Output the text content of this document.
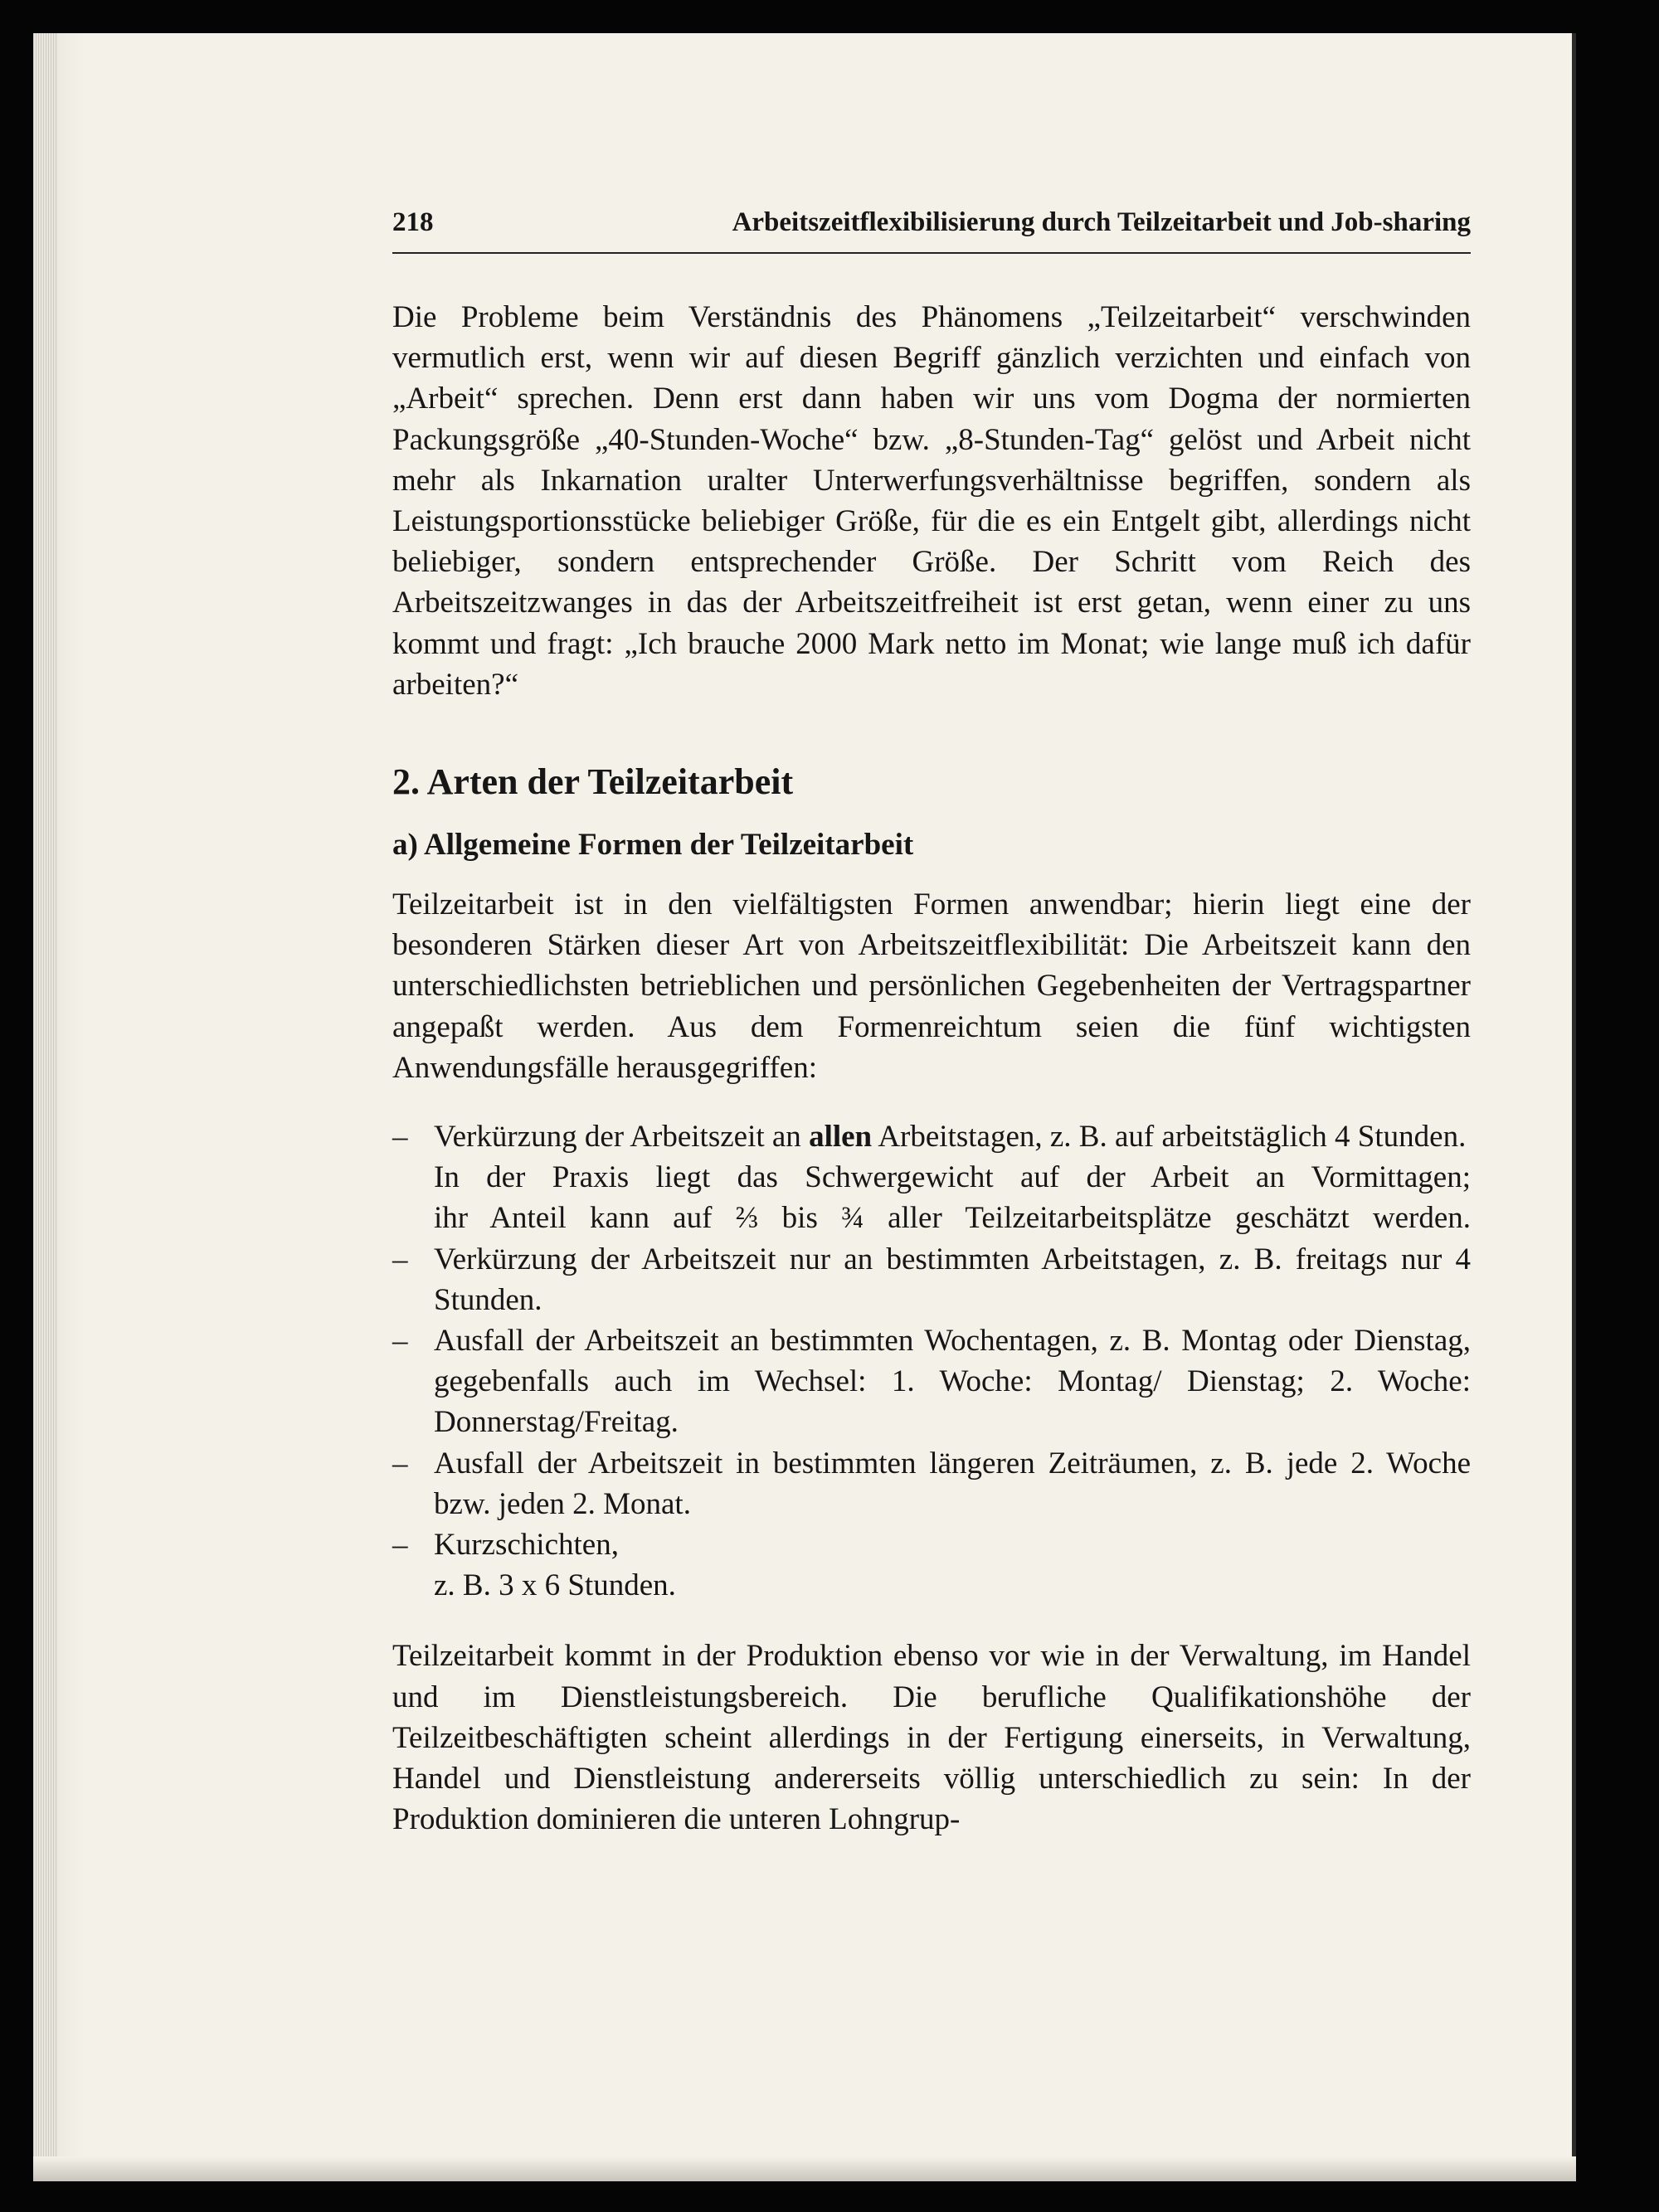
218	Arbeitszeitflexibilisierung durch Teilzeitarbeit und Job-sharing

Die Probleme beim Verständnis des Phänomens „Teilzeitarbeit“ verschwinden vermutlich erst, wenn wir auf diesen Begriff gänzlich verzichten und einfach von „Arbeit“ sprechen. Denn erst dann haben wir uns vom Dogma der normierten Packungsgröße „40-Stunden-Woche“ bzw. „8-Stunden-Tag“ gelöst und Arbeit nicht mehr als Inkarnation uralter Unterwerfungsverhältnisse begriffen, sondern als Leistungsportionsstücke beliebiger Größe, für die es ein Entgelt gibt, allerdings nicht beliebiger, sondern entsprechender Größe. Der Schritt vom Reich des Arbeitszeitzwanges in das der Arbeitszeitfreiheit ist erst getan, wenn einer zu uns kommt und fragt: „Ich brauche 2000 Mark netto im Monat; wie lange muß ich dafür arbeiten?“

2. Arten der Teilzeitarbeit
a) Allgemeine Formen der Teilzeitarbeit

Teilzeitarbeit ist in den vielfältigsten Formen anwendbar; hierin liegt eine der besonderen Stärken dieser Art von Arbeitszeitflexibilität: Die Arbeitszeit kann den unterschiedlichsten betrieblichen und persönlichen Gegebenheiten der Vertragspartner angepaßt werden. Aus dem Formenreichtum seien die fünf wichtigsten Anwendungsfälle herausgegriffen:

– Verkürzung der Arbeitszeit an allen Arbeitstagen, z. B. auf arbeitstäglich 4 Stunden.
In der Praxis liegt das Schwergewicht auf der Arbeit an Vormittagen;
ihr Anteil kann auf ⅔ bis ¾ aller Teilzeitarbeitsplätze geschätzt werden.
– Verkürzung der Arbeitszeit nur an bestimmten Arbeitstagen, z. B. freitags nur 4 Stunden.
– Ausfall der Arbeitszeit an bestimmten Wochentagen, z. B. Montag oder Dienstag, gegebenfalls auch im Wechsel: 1. Woche: Montag/ Dienstag; 2. Woche: Donnerstag/Freitag.
– Ausfall der Arbeitszeit in bestimmten längeren Zeiträumen, z. B. jede 2. Woche bzw. jeden 2. Monat.
– Kurzschichten,
z. B. 3 x 6 Stunden.

Teilzeitarbeit kommt in der Produktion ebenso vor wie in der Verwaltung, im Handel und im Dienstleistungsbereich. Die berufliche Qualifikationshöhe der Teilzeitbeschäftigten scheint allerdings in der Fertigung einerseits, in Verwaltung, Handel und Dienstleistung andererseits völlig unterschiedlich zu sein: In der Produktion dominieren die unteren Lohngrup-
